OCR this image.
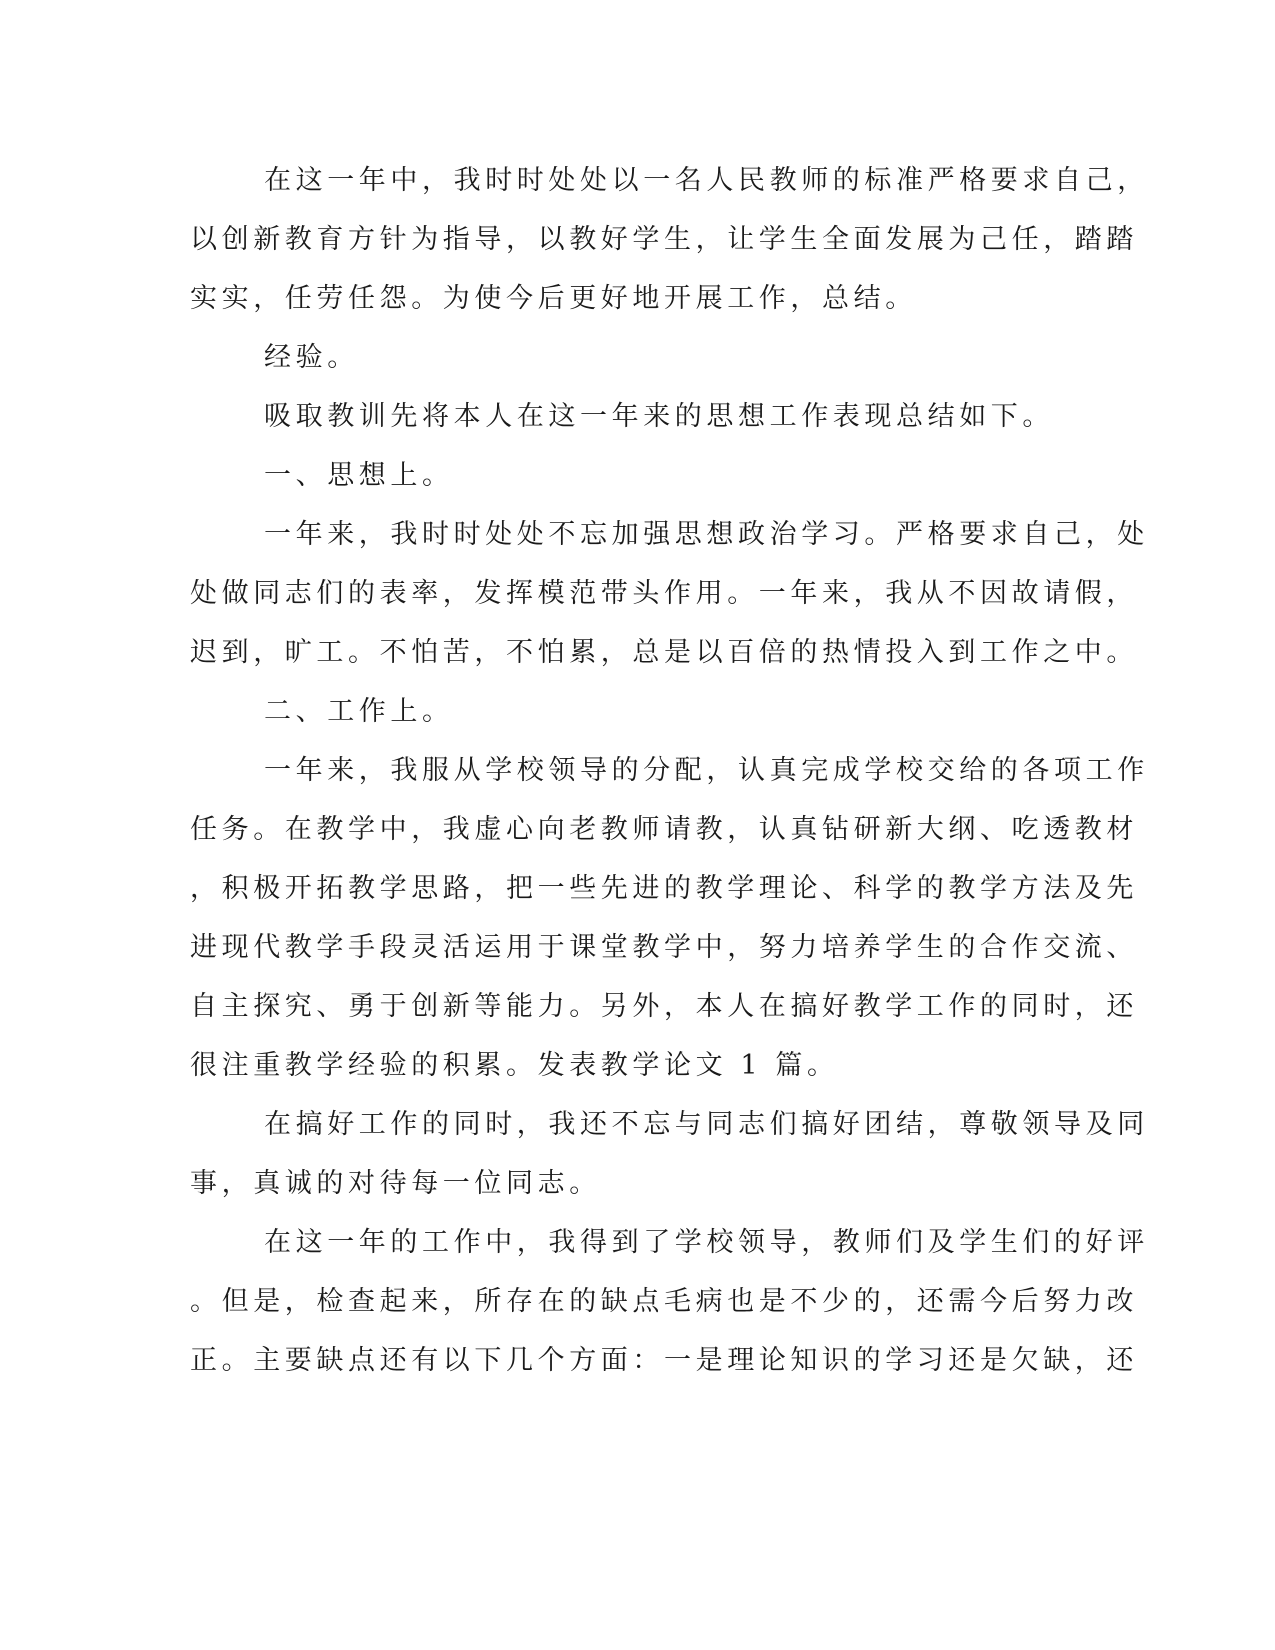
在这一年中，我时时处处以一名人民教师的标准严格要求自己，
以创新教育方针为指导，以教好学生，让学生全面发展为己任，踏踏
实实，任劳任怨。为使今后更好地开展工作，总结。
经验。
吸取教训先将本人在这一年来的思想工作表现总结如下。
一、思想上。
一年来，我时时处处不忘加强思想政治学习。严格要求自己，处
处做同志们的表率，发挥模范带头作用。一年来，我从不因故请假，
迟到，旷工。不怕苦，不怕累，总是以百倍的热情投入到工作之中。
二、工作上。
一年来，我服从学校领导的分配，认真完成学校交给的各项工作
任务。在教学中，我虚心向老教师请教，认真钻研新大纲、吃透教材
，积极开拓教学思路，把一些先进的教学理论、科学的教学方法及先
进现代教学手段灵活运用于课堂教学中，努力培养学生的合作交流、
自主探究、勇于创新等能力。另外，本人在搞好教学工作的同时，还
很注重教学经验的积累。发表教学论文 1 篇。
在搞好工作的同时，我还不忘与同志们搞好团结，尊敬领导及同
事，真诚的对待每一位同志。
在这一年的工作中，我得到了学校领导，教师们及学生们的好评
。但是，检查起来，所存在的缺点毛病也是不少的，还需今后努力改
正。主要缺点还有以下几个方面：一是理论知识的学习还是欠缺，还
